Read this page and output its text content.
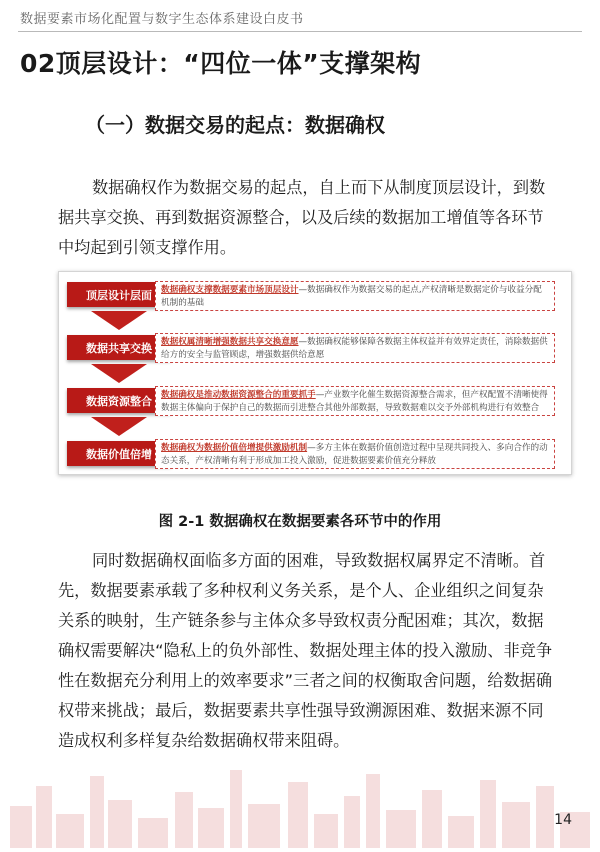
数据要素市场化配置与数字生态体系建设白皮书
02顶层设计：“四位一体”支撑架构
（一）数据交易的起点：数据确权
数据确权作为数据交易的起点，自上而下从制度顶层设计，到数据共享交换、再到数据资源整合，以及后续的数据加工增值等各环节中均起到引领支撑作用。
顶层设计层面	数据确权支撑数据要素市场顶层设计—数据确权作为数据交易的起点,产权清晰是数据定价与收益分配机制的基础
数据共享交换	数据权属清晰增强数据共享交换意愿—数据确权能够保障各数据主体权益并有效界定责任，消除数据供给方的安全与监管顾虑，增强数据供给意愿
数据资源整合	数据确权是推动数据资源整合的重要抓手—产业数字化催生数据资源整合需求，但产权配置不清晰使得数据主体偏向于保护自己的数据而引进整合其他外部数据，导致数据难以交予外部机构进行有效整合
数据价值倍增	数据确权为数据价值倍增提供激励机制—多方主体在数据价值创造过程中呈现共同投入、多向合作的动态关系，产权清晰有利于形成加工投入激励，促进数据要素价值充分释放
图 2-1 数据确权在数据要素各环节中的作用
同时数据确权面临多方面的困难，导致数据权属界定不清晰。首先，数据要素承载了多种权利义务关系，是个人、企业组织之间复杂关系的映射，生产链条参与主体众多导致权责分配困难；其次，数据确权需要解决“隐私上的负外部性、数据处理主体的投入激励、非竞争性在数据充分利用上的效率要求”三者之间的权衡取舍问题，给数据确权带来挑战；最后，数据要素共享性强导致溯源困难、数据来源不同造成权利多样复杂给数据确权带来阻碍。
14
